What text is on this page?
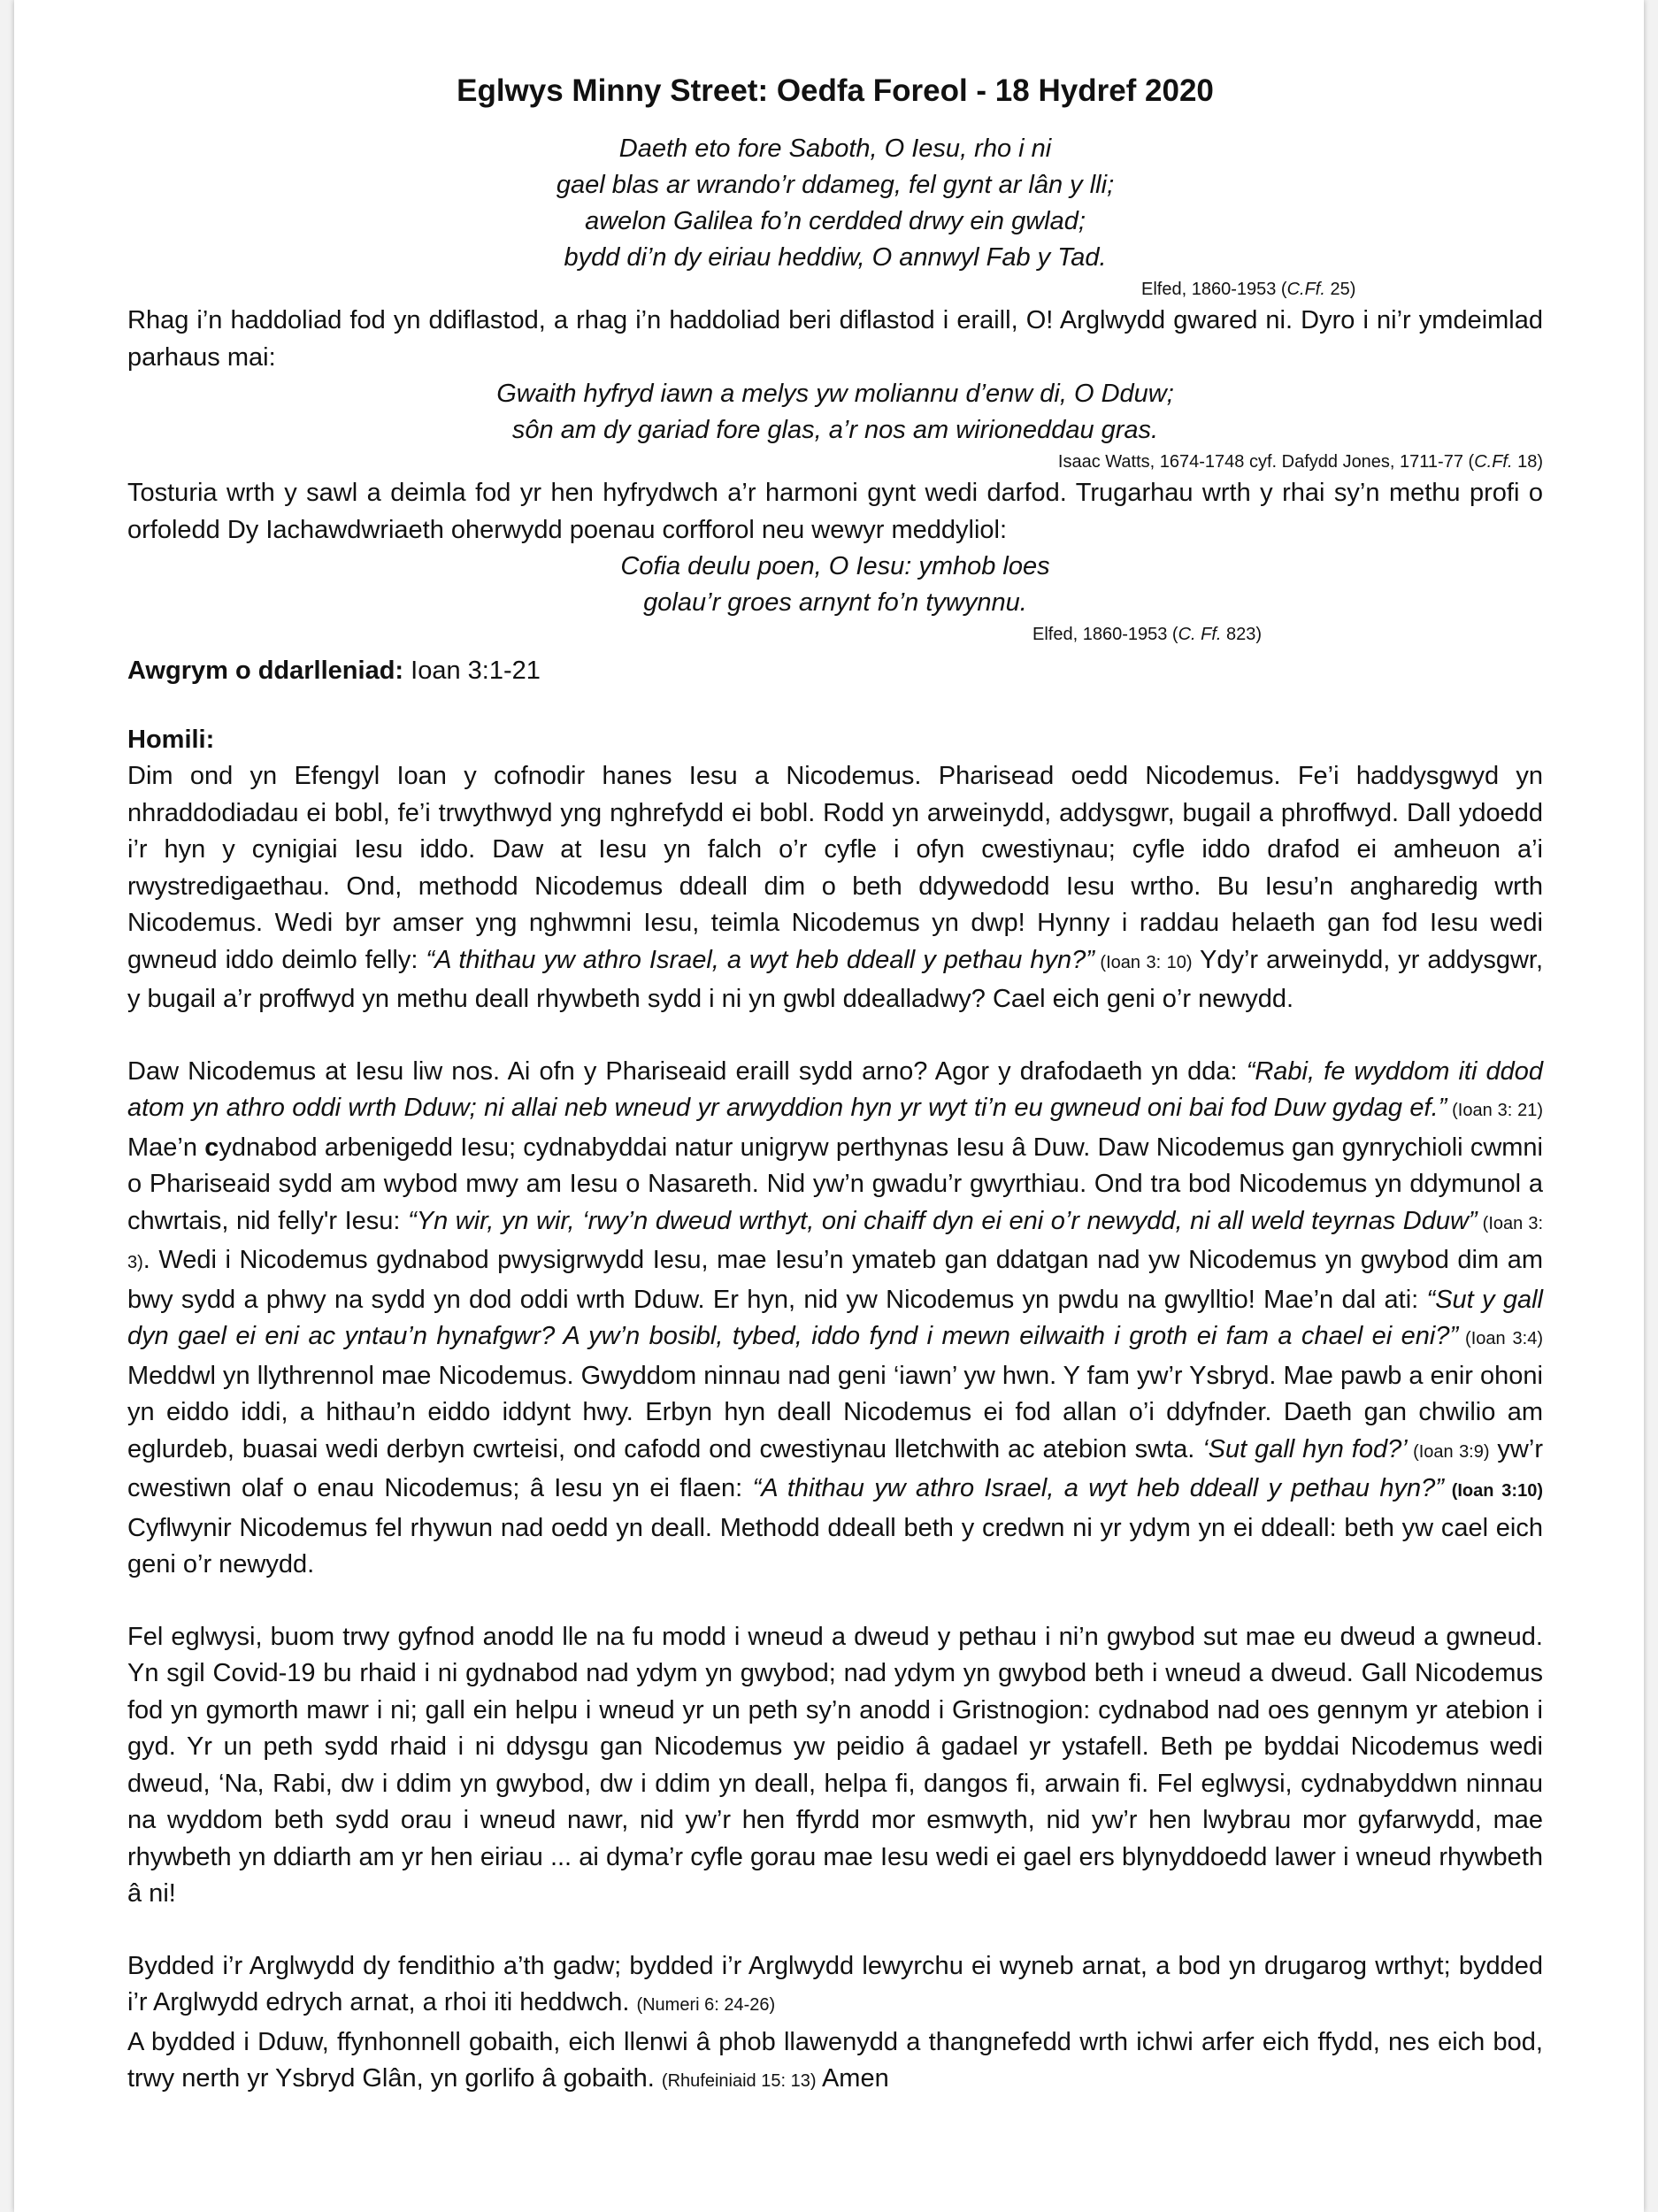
Eglwys Minny Street: Oedfa Foreol - 18 Hydref 2020
Daeth eto fore Saboth, O Iesu, rho i ni
gael blas ar wrando’r ddameg, fel gynt ar lân y lli;
awelon Galilea fo’n cerdded drwy ein gwlad;
bydd di’n dy eiriau heddiw, O annwyl Fab y Tad.
Elfed, 1860-1953 (C.Ff. 25)

Rhag i’n haddoliad fod yn ddiflastod, a rhag i’n haddoliad beri diflastod i eraill, O! Arglwydd gwared ni. Dyro i ni’r ymdeimlad parhaus mai:

Gwaith hyfryd iawn a melys yw moliannu d’enw di, O Dduw;
sôn am dy gariad fore glas, a’r nos am wirioneddau gras.
Isaac Watts, 1674-1748 cyf. Dafydd Jones, 1711-77 (C.Ff. 18)

Tosturia wrth y sawl a deimla fod yr hen hyfrydwch a’r harmoni gynt wedi darfod. Trugarhau wrth y rhai sy’n methu profi o orfoledd Dy Iachawdwriaeth oherwydd poenau corfforol neu wewyr meddyliol:

Cofia deulu poen, O Iesu: ymhob loes
golau’r groes arnynt fo’n tywynnu.
Elfed, 1860-1953 (C. Ff. 823)

Awgrym o ddarlleniad: Ioan 3:1-21

Homili:

Dim ond yn Efengyl Ioan y cofnodir hanes Iesu a Nicodemus. Pharisead oedd Nicodemus. Fe’i haddysgwyd yn nhraddodiadau ei bobl, fe’i trwythwyd yng nghrefydd ei bobl. Rodd yn arweinydd, addysgwr, bugail a phroffwyd. Dall ydoedd i’r hyn y cynigiai Iesu iddo. Daw at Iesu yn falch o’r cyfle i ofyn cwestiynau; cyfle iddo drafod ei amheuon a’i rwystredigaethau. Ond, methodd Nicodemus ddeall dim o beth ddywedodd Iesu wrtho. Bu Iesu’n angharedig wrth Nicodemus. Wedi byr amser yng nghwmni Iesu, teimla Nicodemus yn dwp! Hynny i raddau helaeth gan fod Iesu wedi gwneud iddo deimlo felly: “A thithau yw athro Israel, a wyt heb ddeall y pethau hyn?” (Ioan 3: 10) Ydy’r arweinydd, yr addysgwr, y bugail a’r proffwyd yn methu deall rhywbeth sydd i ni yn gwbl ddealladwy? Cael eich geni o’r newydd.

Daw Nicodemus at Iesu liw nos. Ai ofn y Phariseaid eraill sydd arno? Agor y drafodaeth yn dda: “Rabi, fe wyddom iti ddod atom yn athro oddi wrth Dduw; ni allai neb wneud yr arwyddion hyn yr wyt ti’n eu gwneud oni bai fod Duw gydag ef.” (Ioan 3: 21) Mae’n cydnabod arbenigedd Iesu; cydnabyddai natur unigryw perthynas Iesu â Duw. Daw Nicodemus gan gynrychioli cwmni o Phariseaid sydd am wybod mwy am Iesu o Nasareth. Nid yw’n gwadu’r gwyrthiau. Ond tra bod Nicodemus yn ddymunol a chwrtais, nid felly'r Iesu: “Yn wir, yn wir, ‘rwy’n dweud wrthyt, oni chaiff dyn ei eni o’r newydd, ni all weld teyrnas Dduw” (Ioan 3: 3). Wedi i Nicodemus gydnabod pwysigrwydd Iesu, mae Iesu’n ymateb gan ddatgan nad yw Nicodemus yn gwybod dim am bwy sydd a phwy na sydd yn dod oddi wrth Dduw. Er hyn, nid yw Nicodemus yn pwdu na gwylltio! Mae’n dal ati: “Sut y gall dyn gael ei eni ac yntau’n hynafgwr? A yw’n bosibl, tybed, iddo fynd i mewn eilwaith i groth ei fam a chael ei eni?” (Ioan 3:4) Meddwl yn llythrennol mae Nicodemus. Gwyddom ninnau nad geni ‘iawn’ yw hwn. Y fam yw’r Ysbryd. Mae pawb a enir ohoni yn eiddo iddi, a hithau’n eiddo iddynt hwy. Erbyn hyn deall Nicodemus ei fod allan o’i ddyfnder. Daeth gan chwilio am eglurdeb, buasai wedi derbyn cwrteisi, ond cafodd ond cwestiynau lletchwith ac atebion swta. ‘Sut gall hyn fod?’ (Ioan 3:9) yw’r cwestiwn olaf o enau Nicodemus; â Iesu yn ei flaen: “A thithau yw athro Israel, a wyt heb ddeall y pethau hyn?” (Ioan 3:10) Cyflwynir Nicodemus fel rhywun nad oedd yn deall. Methodd ddeall beth y credwn ni yr ydym yn ei ddeall: beth yw cael eich geni o’r newydd.

Fel eglwysi, buom trwy gyfnod anodd lle na fu modd i wneud a dweud y pethau i ni’n gwybod sut mae eu dweud a gwneud. Yn sgil Covid-19 bu rhaid i ni gydnabod nad ydym yn gwybod; nad ydym yn gwybod beth i wneud a dweud. Gall Nicodemus fod yn gymorth mawr i ni; gall ein helpu i wneud yr un peth sy’n anodd i Gristnogion: cydnabod nad oes gennym yr atebion i gyd. Yr un peth sydd rhaid i ni ddysgu gan Nicodemus yw peidio â gadael yr ystafell. Beth pe byddai Nicodemus wedi dweud, ‘Na, Rabi, dw i ddim yn gwybod, dw i ddim yn deall, helpa fi, dangos fi, arwain fi. Fel eglwysi, cydnabyddwn ninnau na wyddom beth sydd orau i wneud nawr, nid yw’r hen ffyrdd mor esmwyth, nid yw’r hen lwybrau mor gyfarwydd, mae rhywbeth yn ddiarth am yr hen eiriau ... ai dyma’r cyfle gorau mae Iesu wedi ei gael ers blynyddoedd lawer i wneud rhywbeth â ni!

Bydded i’r Arglwydd dy fendithio a’th gadw; bydded i’r Arglwydd lewyrchu ei wyneb arnat, a bod yn drugarog wrthyt; bydded i’r Arglwydd edrych arnat, a rhoi iti heddwch. (Numeri 6: 24-26)

A bydded i Dduw, ffynhonnell gobaith, eich llenwi â phob llawenydd a thangnefedd wrth ichwi arfer eich ffydd, nes eich bod, trwy nerth yr Ysbryd Glân, yn gorlifo â gobaith. (Rhufeiniaid 15: 13) Amen
